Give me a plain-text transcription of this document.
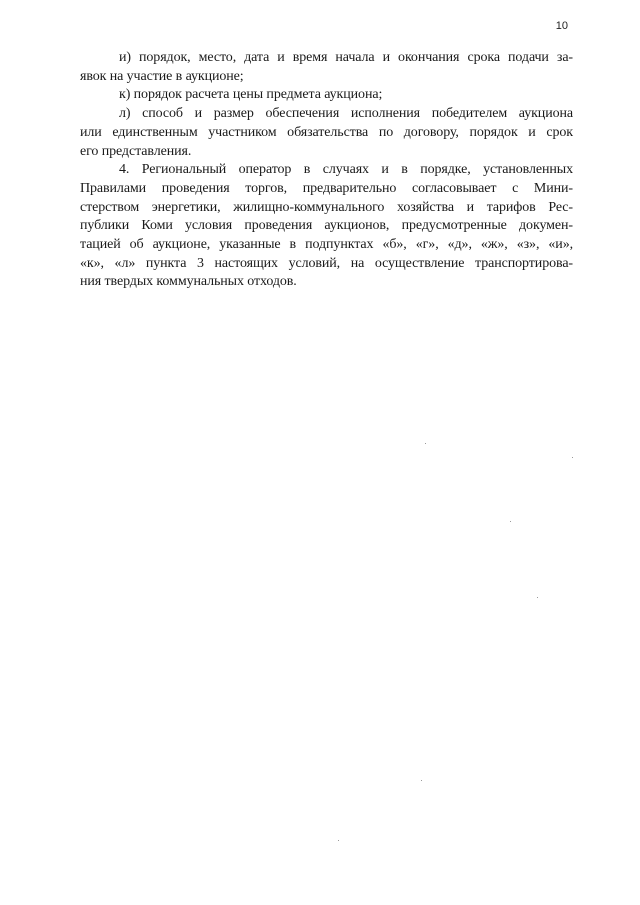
10

и) порядок, место, дата и время начала и окончания срока подачи за-
явок на участие в аукционе;

к) порядок расчета цены предмета аукциона;

л) способ и размер обеспечения исполнения победителем аукциона
или единственным участником обязательства по договору, порядок и срок
его представления.

4. Региональный оператор в случаях и в порядке, установленных
Правилами проведения торгов, предварительно согласовывает с Мини-
стерством энергетики, жилищно-коммунального хозяйства и тарифов Рес-
публики Коми условия проведения аукционов, предусмотренные докумен-
тацией об аукционе, указанные в подпунктах «б», «г», «д», «ж», «з», «и»,
«к», «л» пункта 3 настоящих условий, на осуществление транспортирова-
ния твердых коммунальных отходов.
